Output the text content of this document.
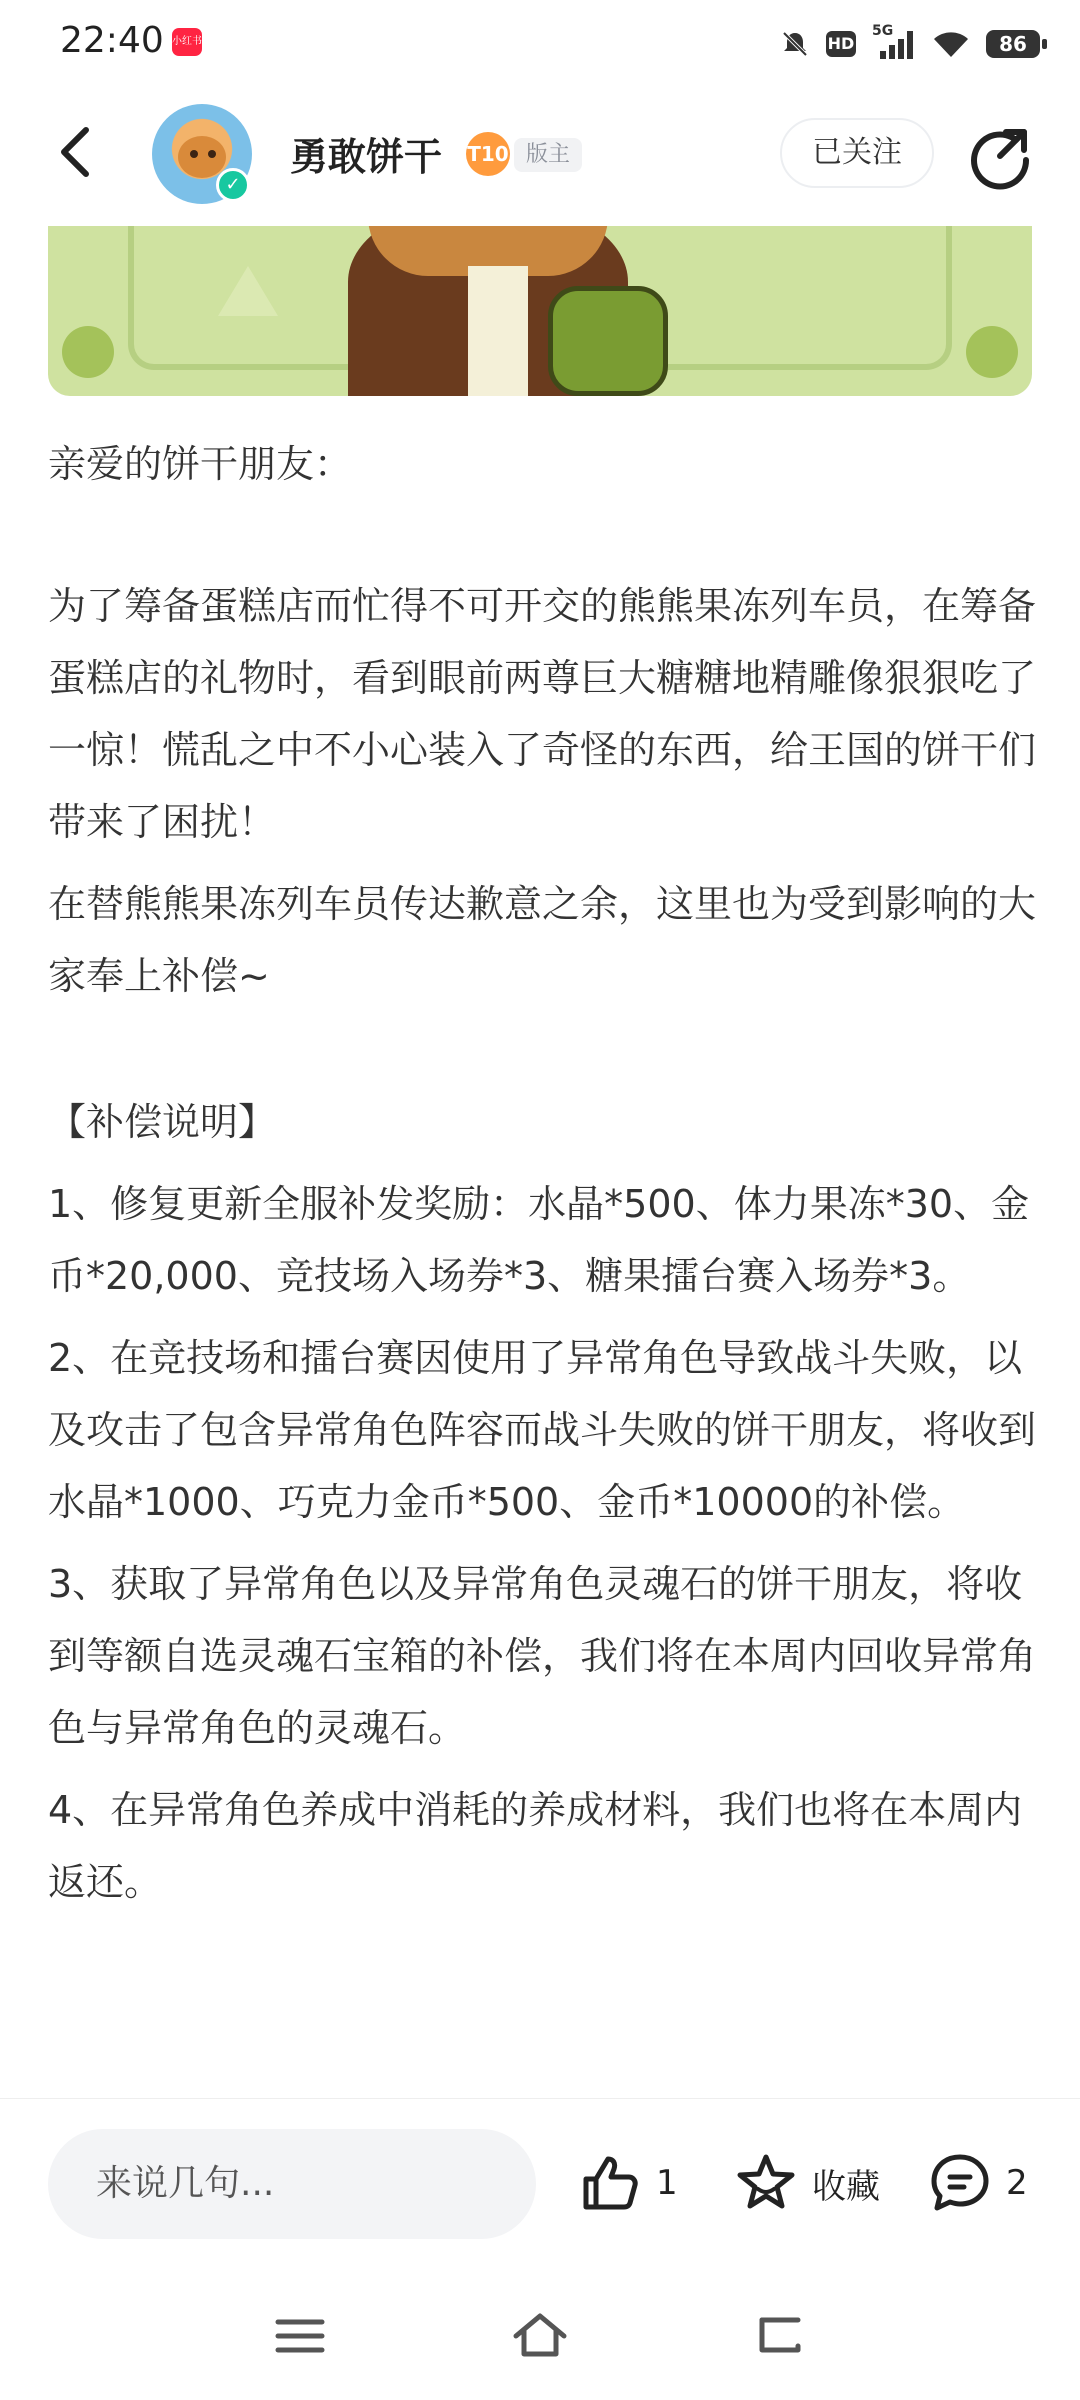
22:40 小红书	HD
5G
86
✓
勇敢饼干 T10 版主	已关注

亲爱的饼干朋友：

为了筹备蛋糕店而忙得不可开交的熊熊果冻列车员，在筹备蛋糕店的礼物时，看到眼前两尊巨大糖糖地精雕像狠狠吃了一惊！慌乱之中不小心装入了奇怪的东西，给王国的饼干们带来了困扰！

在替熊熊果冻列车员传达歉意之余，这里也为受到影响的大家奉上补偿~

【补偿说明】

1、修复更新全服补发奖励：水晶*500、体力果冻*30、金币*20,000、竞技场入场券*3、糖果擂台赛入场券*3。

2、在竞技场和擂台赛因使用了异常角色导致战斗失败，以及攻击了包含异常角色阵容而战斗失败的饼干朋友，将收到水晶*1000、巧克力金币*500、金币*10000的补偿。

3、获取了异常角色以及异常角色灵魂石的饼干朋友，将收到等额自选灵魂石宝箱的补偿，我们将在本周内回收异常角色与异常角色的灵魂石。

4、在异常角色养成中消耗的养成材料，我们也将在本周内返还。

来说几句...	1	收藏	2
